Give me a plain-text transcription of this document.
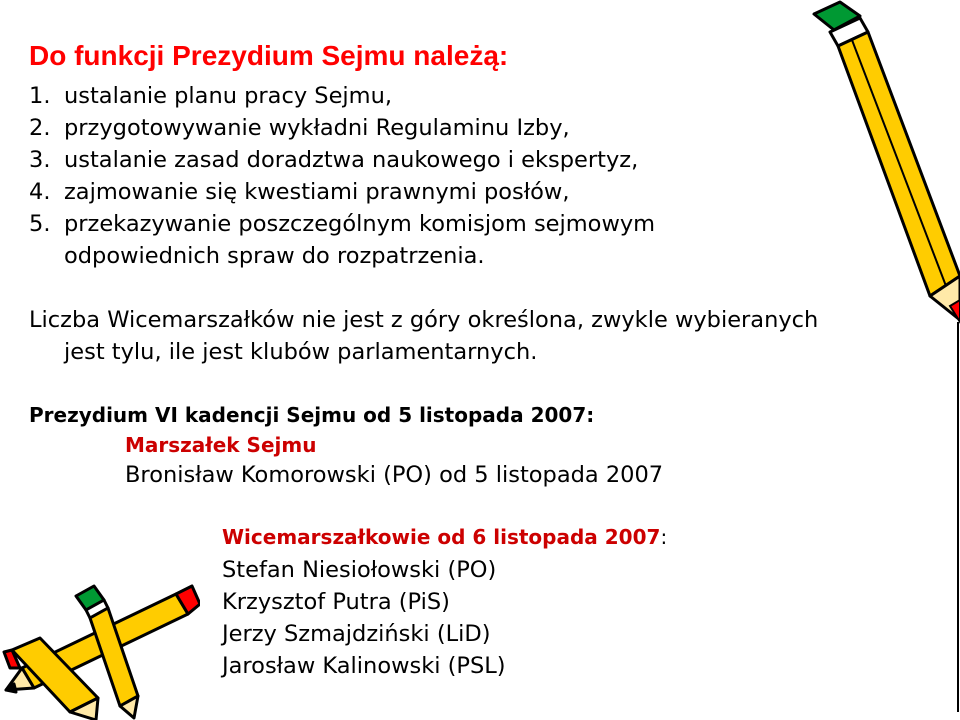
Do funkcji Prezydium Sejmu należą:
1. ustalanie planu pracy Sejmu,
2. przygotowywanie wykładni Regulaminu Izby,
3. ustalanie zasad doradztwa naukowego i ekspertyz,
4. zajmowanie się kwestiami prawnymi posłów,
5. przekazywanie poszczególnym komisjom sejmowym odpowiednich spraw do rozpatrzenia.

Liczba Wicemarszałków nie jest z góry określona, zwykle wybieranych jest tylu, ile jest klubów parlamentarnych.

Prezydium VI kadencji Sejmu od 5 listopada 2007:

Marszałek Sejmu

Bronisław Komorowski (PO) od 5 listopada 2007

Wicemarszałkowie od 6 listopada 2007:

Stefan Niesiołowski (PO)
Krzysztof Putra (PiS)
Jerzy Szmajdziński (LiD)
Jarosław Kalinowski (PSL)
